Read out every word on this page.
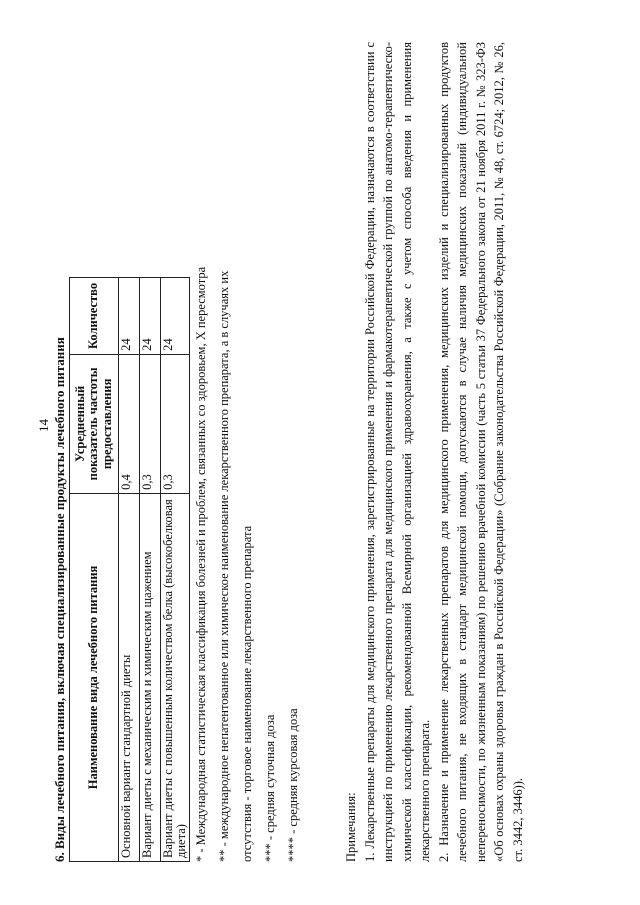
14 6. Виды лечебного питания, включая специализированные продукты лечебного питания Наименование вида лечебного питания	Усредненный показатель частоты предоставления	Количество
Основной вариант стандартной диеты	0,4	24
Вариант диеты с механическим и химическим щажением	0,3	24
Вариант диеты с повышенным количеством белка (высокобелковая диета)	0,3	24	* - Международная статистическая классификация болезней и проблем, связанных со здоровьем, X пересмотра ** - международное непатентованное или химическое наименование лекарственного препарата, а в случаях их отсутствия - торговое наименование лекарственного препарата *** - средняя суточная доза **** - средняя курсовая доза	Примечания: 1. Лекарственные препараты для медицинского применения, зарегистрированные на территории Российской Федерации, назначаются в соответствии с инструкцией по применению лекарственного препарата для медицинского применения и фармакотерапевтической группой по анатомо-терапевтическо-химической классификации, рекомендованной Всемирной организацией здравоохранения, а также с учетом способа введения и применения лекарственного препарата. 2. Назначение и применение лекарственных препаратов для медицинского применения, медицинских изделий и специализированных продуктов лечебного питания, не входящих в стандарт медицинской помощи, допускаются в случае наличия медицинских показаний (индивидуальной непереносимости, по жизненным показаниям) по решению врачебной комиссии (часть 5 статьи 37 Федерального закона от 21 ноября 2011 г. № 323-ФЗ «Об основах охраны здоровья граждан в Российской Федерации» (Собрание законодательства Российской Федерации, 2011, № 48, ст. 6724; 2012, № 26, ст. 3442, 3446)).
